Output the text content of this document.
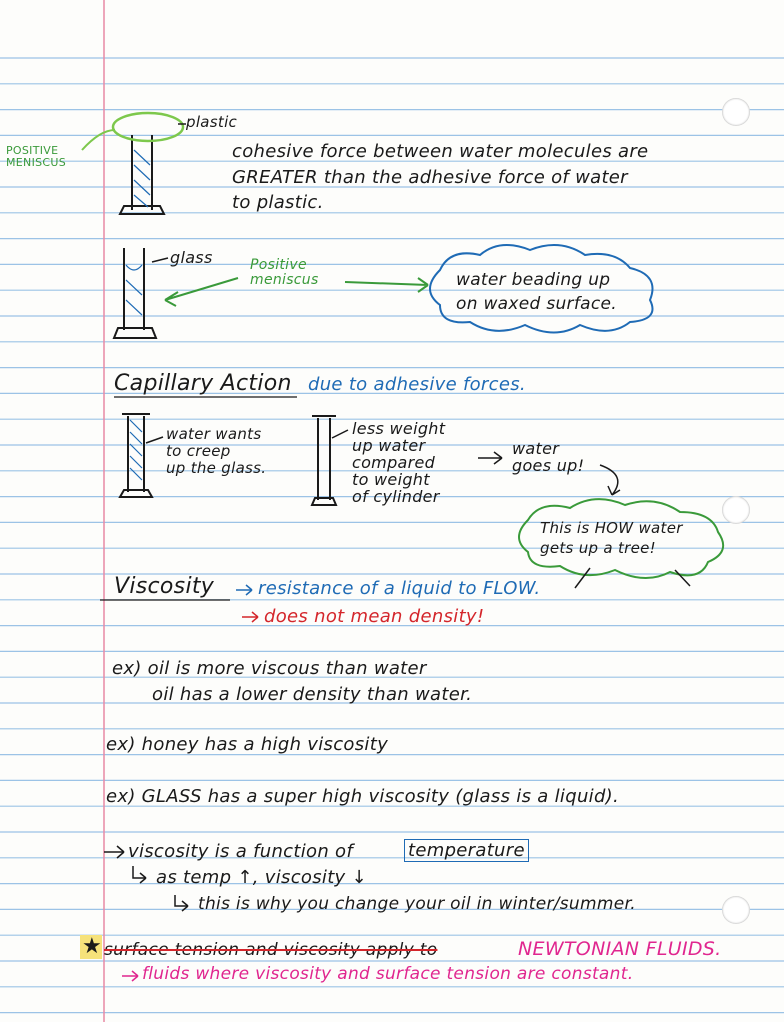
plastic
POSITIVE
MENISCUS
cohesive force between water molecules are
GREATER than the adhesive force of water
to plastic.
glass	Positive
meniscus	water beading up
on waxed surface.
Capillary Action due to adhesive forces.
water wants
to creep
up the glass.
less weight
up water
compared
to weight
of cylinder
water
goes up!
This is HOW water
gets up a tree!
Viscosity resistance of a liquid to FLOW.
does not mean density!
ex) oil is more viscous than water
oil has a lower density than water.
ex) honey has a high viscosity
ex) GLASS has a super high viscosity (glass is a liquid).
viscosity is a function of	temperature
as temp ↑, viscosity ↓
this is why you change your oil in winter/summer.
★ surface tension and viscosity apply to	NEWTONIAN FLUIDS.
fluids where viscosity and surface tension are constant.
